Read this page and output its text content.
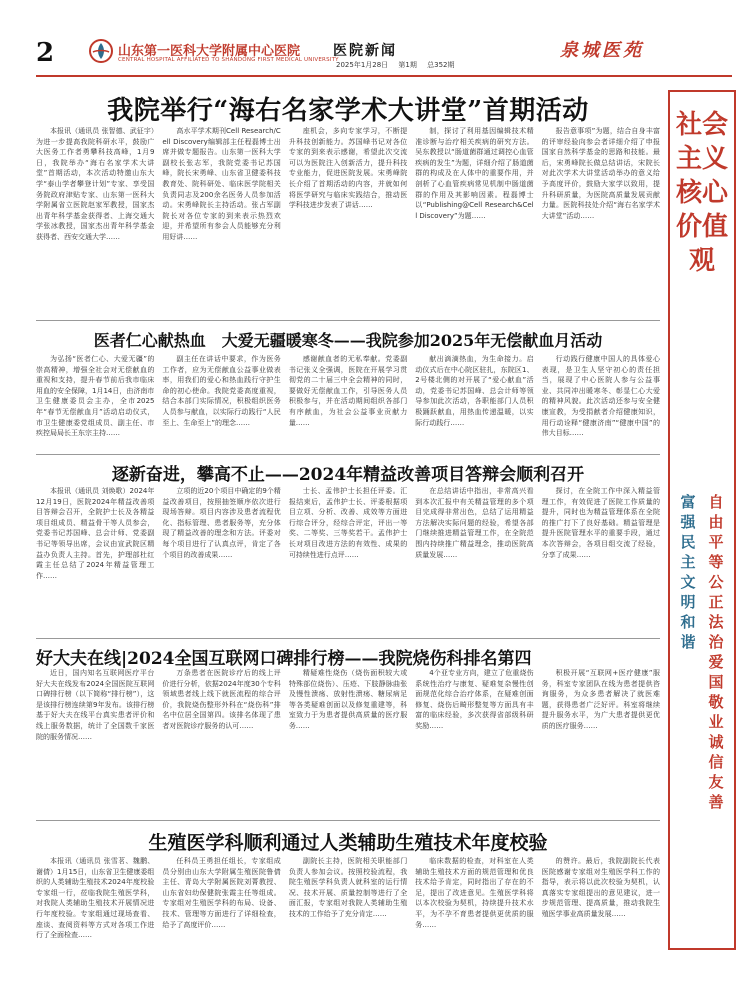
2	山东第一医科大学附属中心医院
CENTRAL HOSPITAL AFFILIATED TO SHANDONG FIRST MEDICAL UNIVERSITY
医院新闻
2025年1月28日 第1期 总352期
泉城医苑
我院举行“海右名家学术大讲堂”首期活动

本报讯（通讯员 张智德、武征宇）为进一步提高我院科研水平，鼓励广大医务工作者勇攀科技高峰，1月9日，我院举办“海右名家学术大讲堂”首期活动，本次活动特邀山东大学“泰山学者攀登计划”专家、享受国务院政府津贴专家、山东第一医科大学附属省立医院赵家军教授，国家杰出青年科学基金获得者、上海交通大学张冰教授，国家杰出青年科学基金获得者、西安交通大学……

高水平学术期刊Cell Research/Cell Discovery编辑部主任程磊博士出席并做专题报告。山东第一医科大学副校长张志军，我院党委书记苏国峰，院长宋勇峰、山东省卫健委科技教育处、院科研处、临床医学院相关负责同志及200余名医务人员参加活动。宋勇峰院长主持活动。张占军副院长对各位专家的到来表示热烈欢迎，并希望所有参会人员能够充分利用好讲……

座机会，多向专家学习，不断提升科技创新能力。苏国峰书记对各位专家的到来表示感谢，希望此次交流可以为医院注入创新活力，提升科技专业能力，促进医院发展。宋勇峰院长介绍了首期活动的内容，并就如何将医学研究与临床实践结合，推动医学科技进步发表了讲话……

制，探讨了利用基因编辑技术精准诊断与治疗相关疾病的研究方法。吴东教授以“肠道菌群通过调控心血管疾病的发生”为题，详细介绍了肠道菌群的构成及在人体中的重要作用，并剖析了心血管疾病常见机制中肠道菌群的作用及其影响因素。程磊博士以“Publishing@Cell Research&Cell Discovery”为题……

报告意事项”为题，结合自身丰富的评审经验向参会者详细介绍了申报国家自然科学基金的思路和技能。最后，宋勇峰院长做总结讲话，宋院长对此次学术大讲堂活动举办的意义给予高度评价，鼓励大家学以致用，提升科研质量，为医院高质量发展贡献力量。医院科技处介绍“海右名家学术大讲堂”活动……

医者仁心献热血　大爱无疆暖寒冬——我院参加2025年无偿献血月活动

为弘扬“医者仁心、大爱无疆”的崇高精神，增强全社会对无偿献血的重视和支持，提升春节前后我市临床用血的安全保障，1月14日，由济南市卫生健康委员会主办，全市2025年“春节无偿献血月”活动启动仪式，市卫生健康委党组成员、副主任、市疾控局局长王东宗主持……

副主任在讲话中要求，作为医务工作者，应为无偿献血公益事业做表率，用我们的爱心和热血践行守护生命的初心使命。我院党委高度重视，结合本部门实际情况，积极组织医务人员参与献血，以实际行动践行“人民至上、生命至上”的理念……

感谢献血者的无私奉献。党委副书记张义全强调，医院在开展学习贯彻党的二十届三中全会精神的同时，要做好无偿献血工作，引导医务人员积极参与，并在活动期间组织各部门有序献血，为社会公益事业贡献力量……

献出滴滴热血，为生命接力。启动仪式后在中心院区驻扎，东院区1、2号楼北侧的对开展了“爱心献血”活动，党委书记苏国峰、总会计师等领导参加此次活动，各职能部门人员积极踊跃献血，用热血传递温暖，以实际行动践行……

行动践行健康中国人的具体爱心表现，是卫生人坚守初心的责任担当，展现了中心医院人参与公益事业、共同冲出暖寒冬、彰显仁心大爱的精神风貌。此次活动还参与安全健康宣教，为受捐献者介绍健康知识，用行动诠释“健康济南”“健康中国”的伟大目标……

逐新奋进，攀高不止——2024年精益改善项目答辩会顺利召开

本报讯（通讯员 刘焕歌）2024年12月19日，医院2024年精益改善项目答辩会召开，全院护士长及各精益项目组成员、精益骨干等人员参会，党委书记苏国峰、总会计师、党委副书记等领导出席，会议由宣武院区精益办负责人主持。首先，护理部杜红霞主任总结了2024年精益管理工作……

立项的近20个项目中确定的9个精益改善项目，按照抽签顺序依次进行现场答辩。项目内容涉及患者流程优化、指标管理、患者服务等，充分体现了精益改善的理念和方法。评委对每个项目进行了认真点评，肯定了各个项目的改善成果……

士长、孟伟护士长担任评委。汇报结束后，孟伟护士长、评委根据项目立项、分析、改善、成效等方面进行综合评分，经综合评定，评出一等奖、二等奖、三等奖若干。孟伟护士长对项目改进方法的有效性、成果的可持续性进行点评……

在总结讲话中指出，非常高兴看到本次汇报中有关精益管理的多个项目完成得非常出色，总结了运用精益方法解决实际问题的经验，希望各部门继续推进精益管理工作，在全院范围内持续推广精益理念，推动医院高质量发展……

探讨，在全院工作中深入精益管理工作，有效促进了医院工作质量的提升，同时也为精益管理体系在全院的推广打下了良好基础。精益管理是提升医院管理水平的重要手段，通过本次答辩会，各项目组交流了经验，分享了成果……

好大夫在线|2024全国互联网口碑排行榜——我院烧伤科排名第四

近日，国内知名互联网医疗平台好大夫在线发布2024全国医院互联网口碑排行榜（以下简称“排行榜”），这是该排行榜连续第9年发布。该排行榜基于好大夫在线平台真实患者评价和线上服务数据，统计了全国数千家医院的服务情况……

万条患者在医院诊疗后的线上评价进行分析，依据2024年度30个专科领域患者线上线下就医流程的综合评价，我院烧伤整形外科在“烧伤科”排名中位居全国第四。该排名体现了患者对医院诊疗服务的认可……

精疑难性烧伤（烧伤面积较大或特殊部位烧伤）、压疮、下肢静脉曲张及慢性溃疡、放射性溃疡、糖尿病足等各类疑难创面以及修复重建等，科室致力于为患者提供高质量的医疗服务……

4个亚专业方向，建立了危重烧伤系统性治疗与康复、疑难复杂慢性创面规范化综合治疗体系，在疑难创面修复、烧伤后畸形整复等方面具有丰富的临床经验，多次获得省部级科研奖励……

积极开展“互联网+医疗健康”服务，科室专家团队在线为患者提供咨询服务，为众多患者解决了就医难题，获得患者广泛好评。科室将继续提升服务水平，为广大患者提供更优质的医疗服务……

生殖医学科顺利通过人类辅助生殖技术年度校验

本报讯（通讯员 张雪茗、魏鹏、谢倩）1月15日，山东省卫生健康委组织的人类辅助生殖技术2024年度校验专家组一行，莅临我院生殖医学科，对我院人类辅助生殖技术开展情况进行年度校验。专家组通过现场查看、座谈、查阅资料等方式对各项工作进行了全面检查……

任科员王勇担任组长，专家组成员分别由山东大学附属生殖医院鲁倩主任、青岛大学附属医院刘菁教授、山东省妇幼保健院张霞主任等组成。专家组对生殖医学科的布局、设备、技术、管理等方面进行了详细检查，给予了高度评价……

副院长主持，医院相关职能部门负责人参加会议。按照校验流程，我院生殖医学科负责人就科室的运行情况、技术开展、质量控制等进行了全面汇报，专家组对我院人类辅助生殖技术的工作给予了充分肯定……

临床数据的检查，对科室在人类辅助生殖技术方面的规范管理和优良技术给予肯定，同时指出了存在的不足，提出了改进意见。生殖医学科将以本次校验为契机，持续提升技术水平，为不孕不育患者提供更优质的服务……

的赞许。最后，我院副院长代表医院感谢专家组对生殖医学科工作的指导，表示将以此次校验为契机，认真落实专家组提出的意见建议，进一步规范管理、提高质量，推动我院生殖医学事业高质量发展……

社会主义核心价值观
富强民主文明和谐
自由平等公正法治爱国敬业诚信友善
